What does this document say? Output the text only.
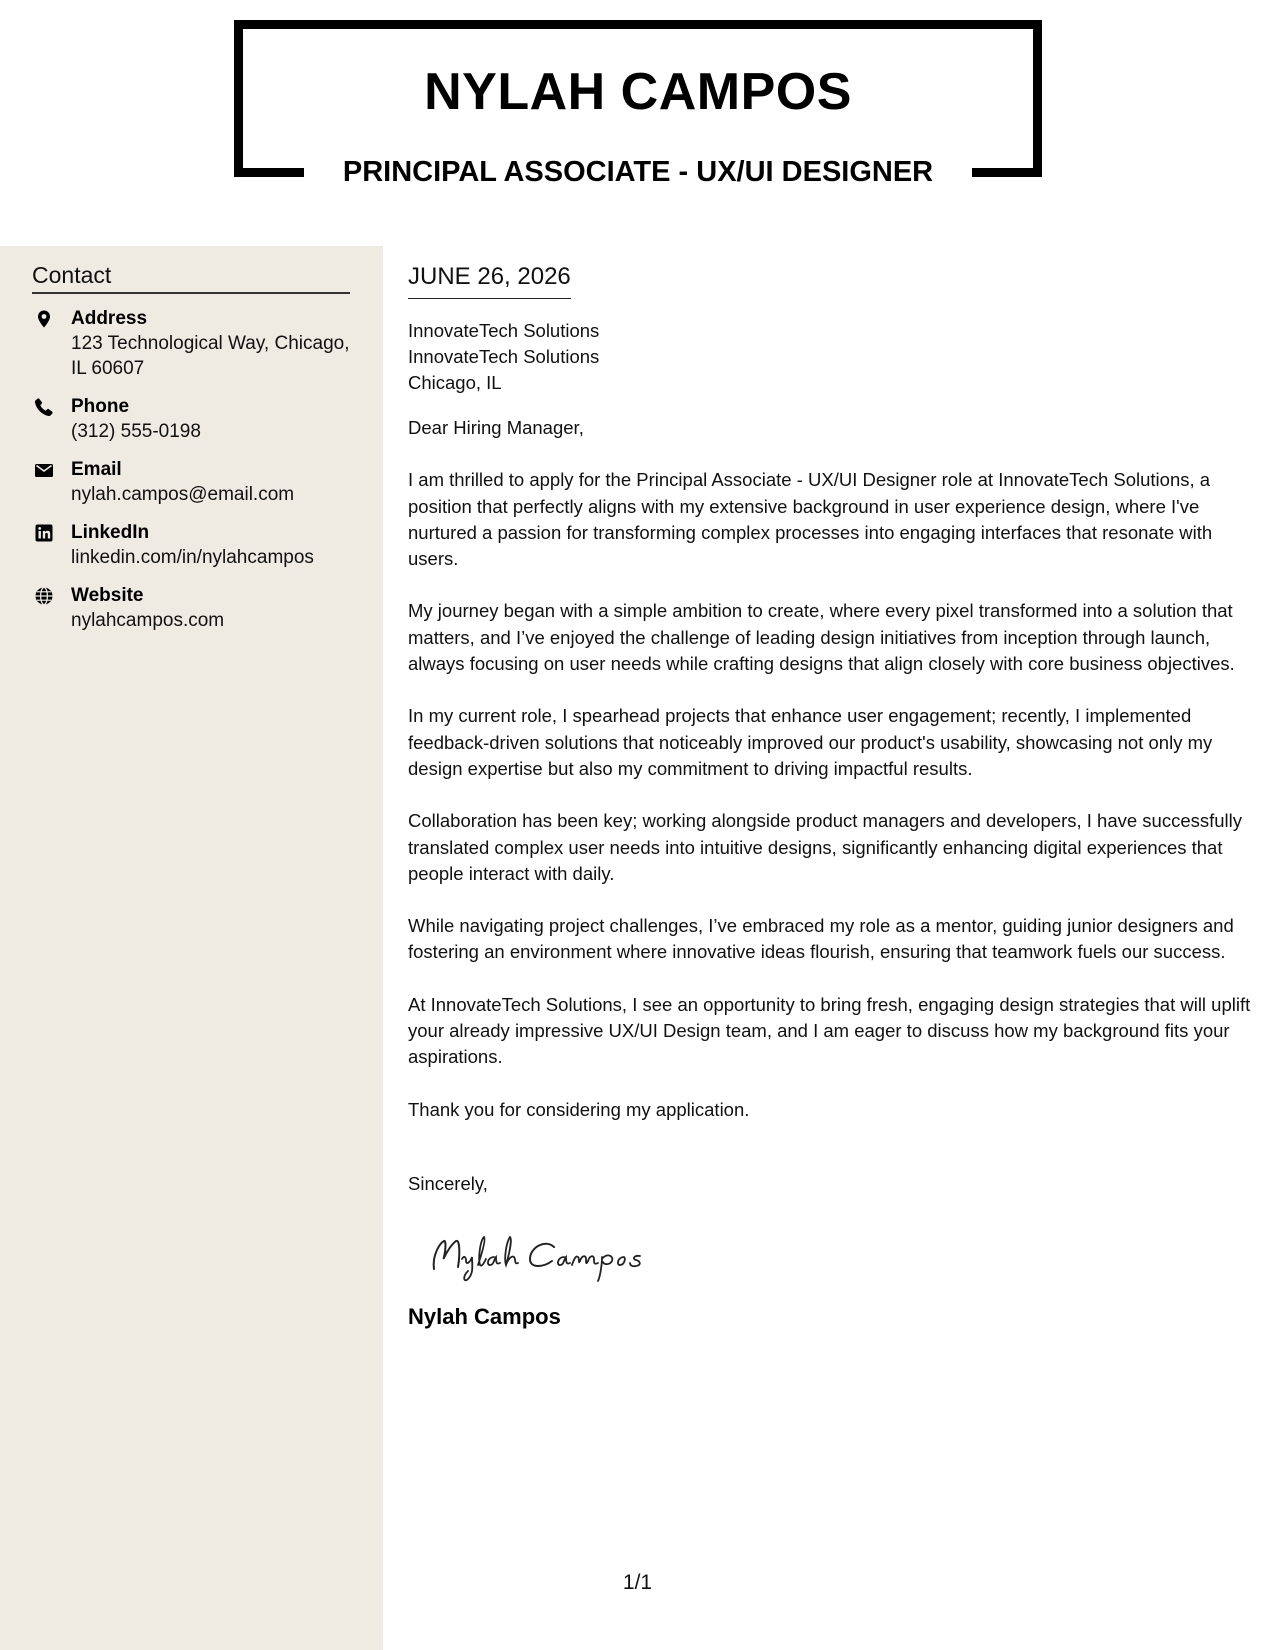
NYLAH CAMPOS
PRINCIPAL ASSOCIATE - UX/UI DESIGNER
Contact
Address
123 Technological Way, Chicago, IL 60607
Phone
(312) 555-0198
Email
nylah.campos@email.com
LinkedIn
linkedin.com/in/nylahcampos
Website
nylahcampos.com
JUNE 26, 2026
InnovateTech Solutions
InnovateTech Solutions
Chicago, IL

Dear Hiring Manager,

I am thrilled to apply for the Principal Associate - UX/UI Designer role at InnovateTech Solutions, a position that perfectly aligns with my extensive background in user experience design, where I've nurtured a passion for transforming complex processes into engaging interfaces that resonate with users.

My journey began with a simple ambition to create, where every pixel transformed into a solution that matters, and I’ve enjoyed the challenge of leading design initiatives from inception through launch, always focusing on user needs while crafting designs that align closely with core business objectives.

In my current role, I spearhead projects that enhance user engagement; recently, I implemented feedback-driven solutions that noticeably improved our product's usability, showcasing not only my design expertise but also my commitment to driving impactful results.

Collaboration has been key; working alongside product managers and developers, I have successfully translated complex user needs into intuitive designs, significantly enhancing digital experiences that people interact with daily.

While navigating project challenges, I’ve embraced my role as a mentor, guiding junior designers and fostering an environment where innovative ideas flourish, ensuring that teamwork fuels our success.

At InnovateTech Solutions, I see an opportunity to bring fresh, engaging design strategies that will uplift your already impressive UX/UI Design team, and I am eager to discuss how my background fits your aspirations.

Thank you for considering my application.

Sincerely,
Nylah Campos
1/1
